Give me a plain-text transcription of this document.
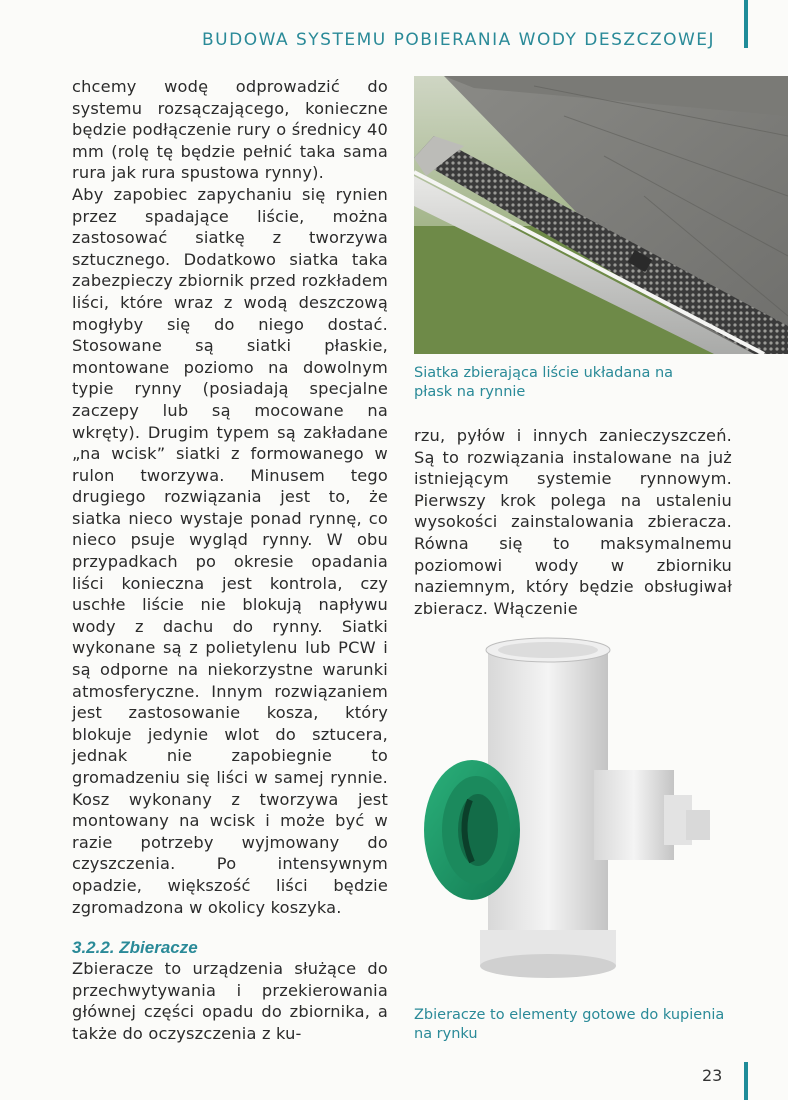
BUDOWA SYSTEMU POBIERANIA WODY DESZCZOWEJ

chcemy wodę odprowadzić do systemu rozsączającego, konieczne będzie podłączenie rury o średnicy 40 mm (rolę tę będzie pełnić taka sama rura jak rura spustowa rynny).

Aby zapobiec zapychaniu się rynien przez spadające liście, można zastosować siatkę z tworzywa sztucznego. Dodatkowo siatka taka zabezpieczy zbiornik przed rozkładem liści, które wraz z wodą deszczową mogłyby się do niego dostać. Stosowane są siatki płaskie, montowane poziomo na dowolnym typie rynny (posiadają specjalne zaczepy lub są mocowane na wkręty). Drugim typem są zakładane „na wcisk” siatki z formowanego w rulon tworzywa. Minusem tego drugiego rozwiązania jest to, że siatka nieco wystaje ponad rynnę, co nieco psuje wygląd rynny. W obu przypadkach po okresie opadania liści konieczna jest kontrola, czy uschłe liście nie blokują napływu wody z dachu do rynny. Siatki wykonane są z polietylenu lub PCW i są odporne na niekorzystne warunki atmosferyczne. Innym rozwiązaniem jest zastosowanie kosza, który blokuje jedynie wlot do sztucera, jednak nie zapobiegnie to gromadzeniu się liści w samej rynnie. Kosz wykonany z tworzywa jest montowany na wcisk i może być w razie potrzeby wyjmowany do czyszczenia. Po intensywnym opadzie, większość liści będzie zgromadzona w okolicy koszyka.

3.2.2. Zbieracze

Zbieracze to urządzenia służące do przechwytywania i przekierowania głównej części opadu do zbiornika, a także do oczyszczenia z ku-

Siatka zbierająca liście układana na płask na rynnie
rzu, pyłów i innych zanieczyszczeń. Są to rozwiązania instalowane na już istniejącym systemie rynnowym. Pierwszy krok polega na ustaleniu wysokości zainstalowania zbieracza. Równa się to maksymalnemu poziomowi wody w zbiorniku naziemnym, który będzie obsługiwał zbieracz. Włączenie
Zbieracze to elementy gotowe do kupienia na rynku
23
